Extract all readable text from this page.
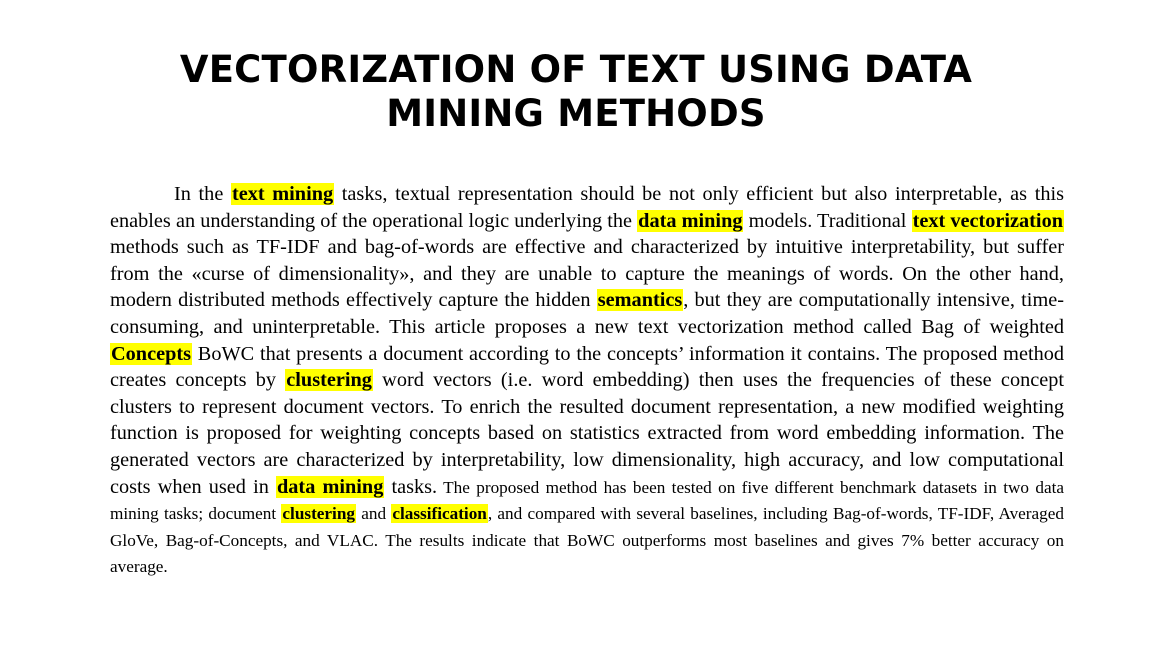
VECTORIZATION OF TEXT USING DATA
MINING METHODS

In the text mining tasks, textual representation should be not only efficient but also interpretable, as this enables an understanding of the operational logic underlying the data mining models. Traditional text vectorization methods such as TF-IDF and bag-of-words are effective and characterized by intuitive interpretability, but suffer from the «curse of dimensionality», and they are unable to capture the meanings of words. On the other hand, modern distributed methods effectively capture the hidden semantics, but they are computationally intensive, time-consuming, and uninterpretable. This article proposes a new text vectorization method called Bag of weighted Concepts BoWC that presents a document according to the concepts’ information it contains. The proposed method creates concepts by clustering word vectors (i.e. word embedding) then uses the frequencies of these concept clusters to represent document vectors. To enrich the resulted document representation, a new modified weighting function is proposed for weighting concepts based on statistics extracted from word embedding information. The generated vectors are characterized by interpretability, low dimensionality, high accuracy, and low computational costs when used in data mining tasks. The proposed method has been tested on five different benchmark datasets in two data mining tasks; document clustering and classification, and compared with several baselines, including Bag-of-words, TF-IDF, Averaged GloVe, Bag-of-Concepts, and VLAC. The results indicate that BoWC outperforms most baselines and gives 7% better accuracy on average.
